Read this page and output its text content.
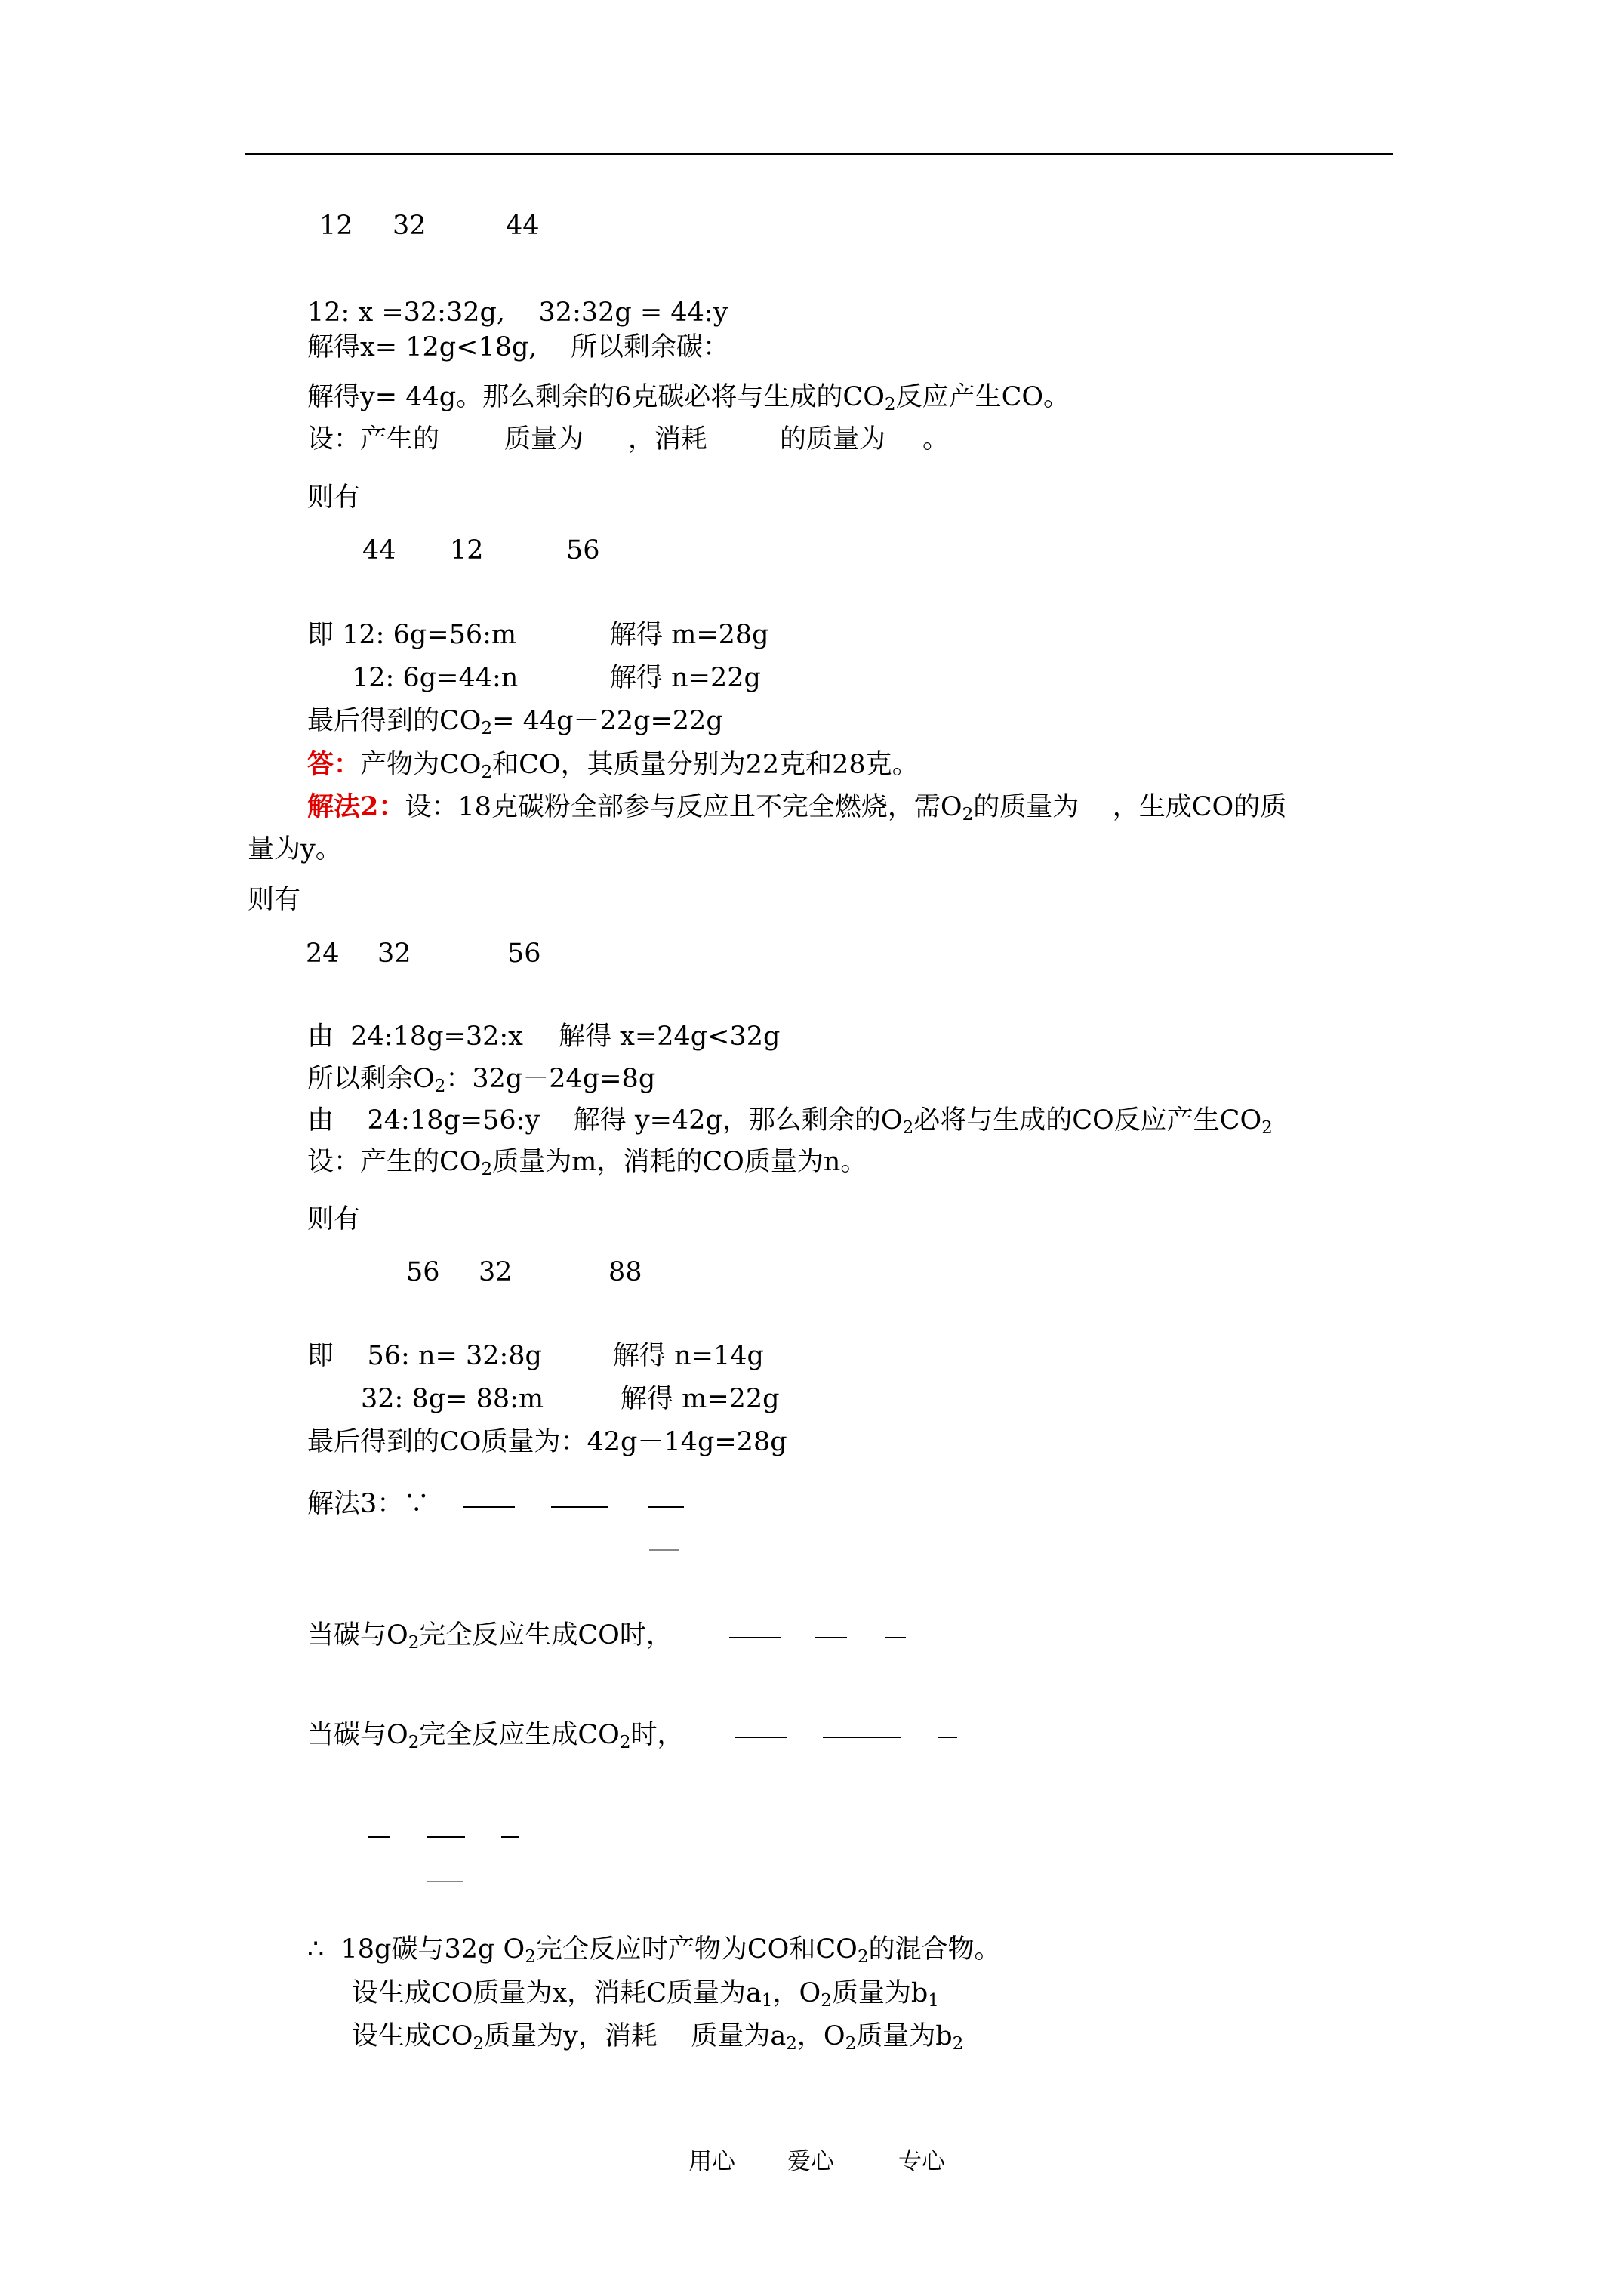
12 32	44
12: x =32:32g,    32:32g = 44:y
解得x= 12g<18g,    所以剩余碳：
解得y= 44g。那么剩余的6克碳必将与生成的$CO_2$反应产生CO。
设：产生的 质量为 ，消耗	的质量为 。
则有
44 12	56
即 12: 6g=56:m	解得 m=28g
12: 6g=44:n	解得 n=22g
最后得到的$CO_2= 44g-22g=22g$
答：产物为$CO_2$和CO，其质量分别为22克和28克。
解法2：设：18克碳粉全部参与反应且不完全燃烧，需$O_2$的质量为    ，生成CO的质
量为y。
则有
24 32	56
由  24:18g=32:x 解得 x=24g<32g
所以剩余$O_2$：32g－24g=8g
由    24:18g=56:y    解得 y=42g，那么剩余的$O_2$必将与生成的CO反应产生$CO_2$
设：产生的$CO_2$质量为m，消耗的CO质量为n。
则有
56 32	88
即    56: n= 32:8g	解得 n=14g
32: 8g= 88:m	解得 m=22g
最后得到的CO质量为：42g－14g=28g
解法3：∵
当碳与$O_2$完全反应生成CO时，
当碳与$O_2$完全反应生成$CO_2$时，
∴  18g碳与32g $O_2$完全反应时产物为CO和$CO_2$的混合物。
设生成CO质量为x，消耗C质量为$a_1$，$O_2$质量为$b_1$
设生成$CO_2$质量为y，消耗    质量为$a_2$，$O_2$质量为$b_2$
用心 爱心	专心
